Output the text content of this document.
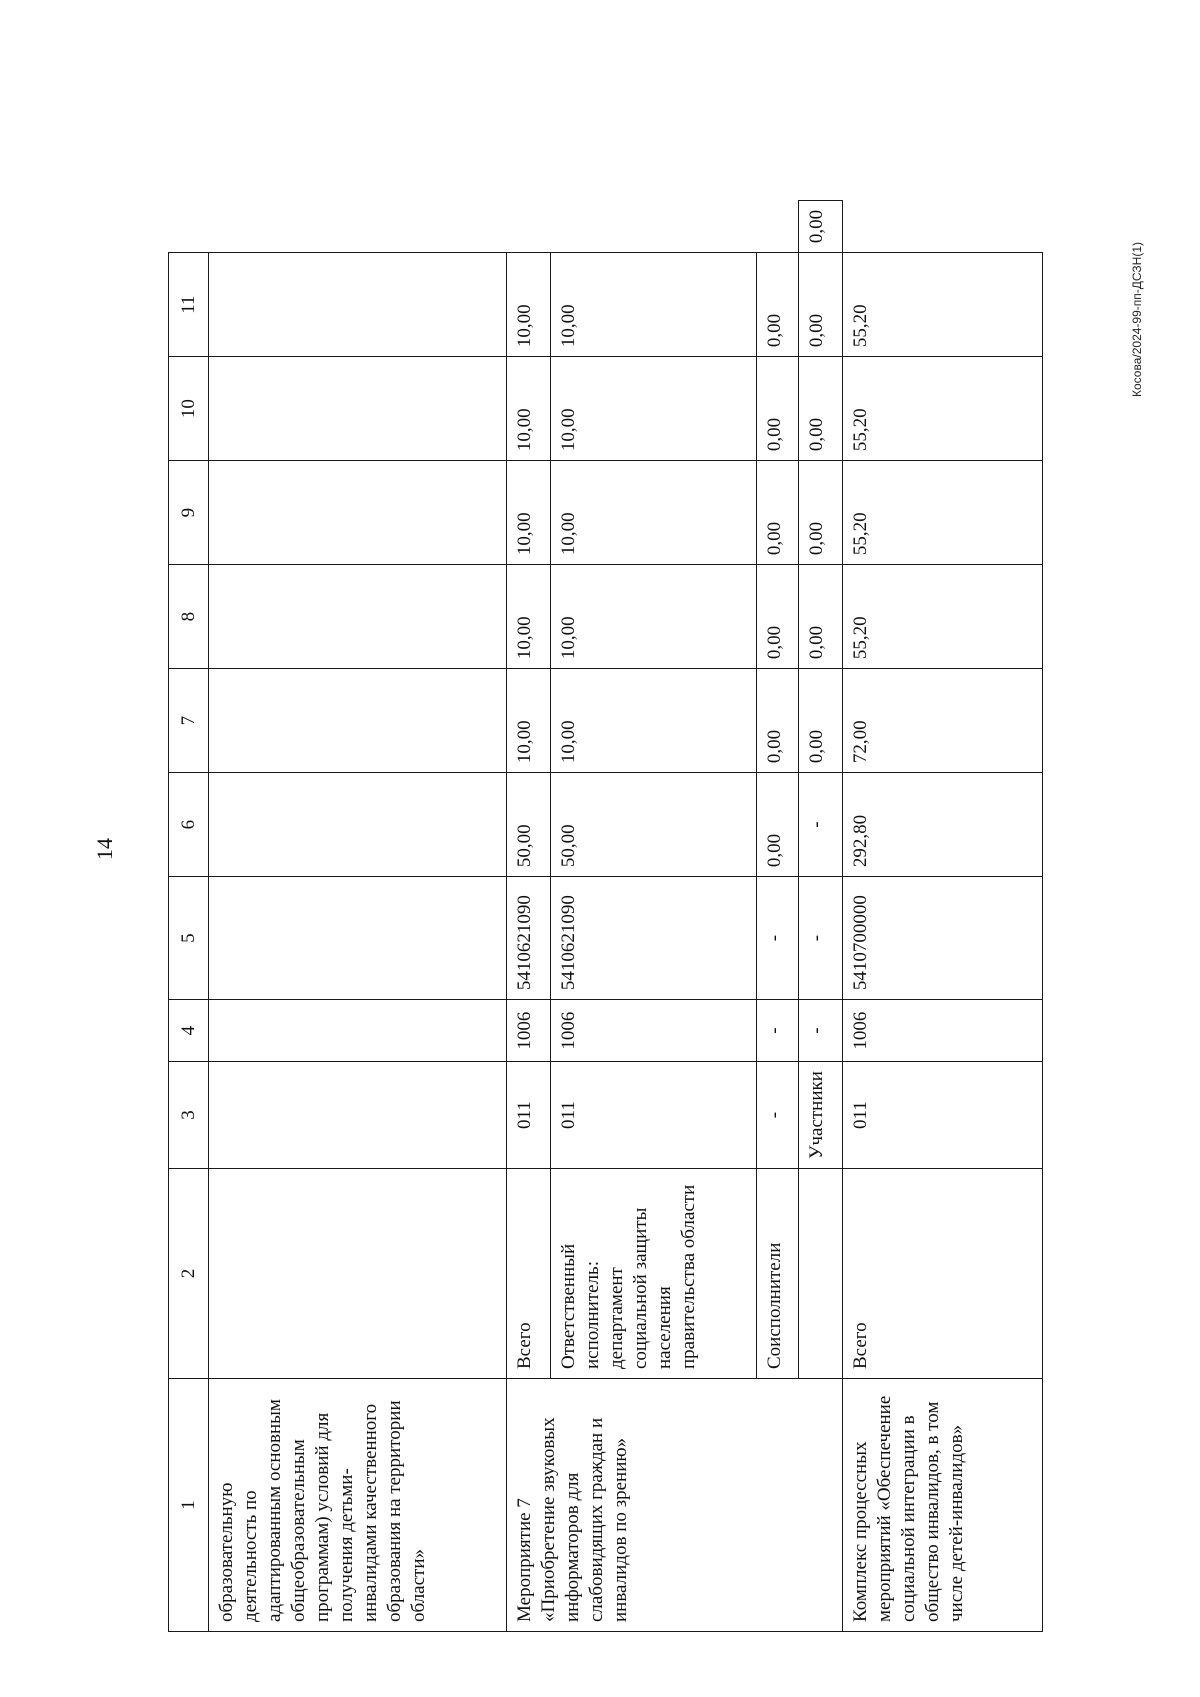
14
1	2	3	4	5	6	7	8	9	10	11	
образовательную деятельность по адаптированным основным общеобразовательным программам) условий для получения детьми-инвалидами качественного образования на территории области»											
Мероприятие 7 «Приобретение звуковых информаторов для слабовидящих граждан и инвалидов по зрению»	Всего	011	1006	5410621090	50,00	10,00	10,00	10,00	10,00	10,00	
	Ответственный исполнитель: департамент социальной защиты населения правительства области	011	1006	5410621090	50,00	10,00	10,00	10,00	10,00	10,00	
	Соисполнители	-	-	-	0,00	0,00	0,00	0,00	0,00	0,00	
		Участники	-	-	-	0,00	0,00	0,00	0,00	0,00	0,00
Комплекс процессных мероприятий «Обеспечение социальной интеграции в общество инвалидов, в том числе детей-инвалидов»	Всего	011	1006	5410700000	292,80	72,00	55,20	55,20	55,20	55,20		Косова/2024-99-пп-ДСЗН(1)
